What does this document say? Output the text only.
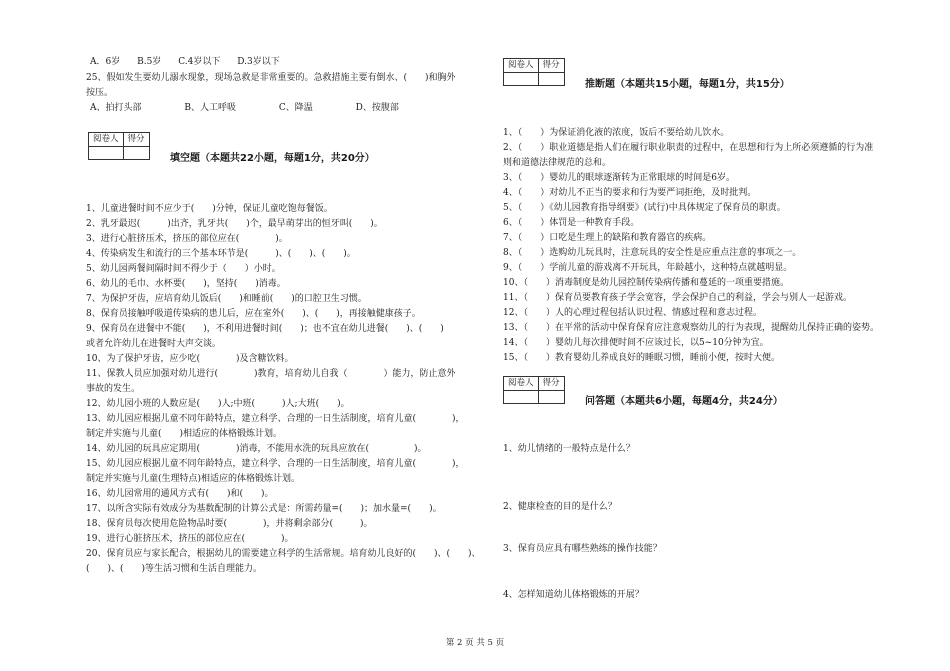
A．6岁 B.5岁 C.4岁以下 D.3岁以下
25、假如发生要幼儿溺水现象，现场急救是非常重要的。急救措施主要有倒水、(　　)和胸外
按压。
A、拍打头部	B、人工呼吸	C、降温	D、按腹部
阅卷人	得分

填空题（本题共22小题，每题1分，共20分）
1、儿童进餐时间不应少于(　　)分钟，保证儿童吃饱每餐饭。
2、乳牙最迟(　　　)出齐，乳牙共(　　)个，最早萌芽出的恒牙叫(　　)。
3、进行心脏挤压术，挤压的部位应在(　　　　)。
4、传染病发生和流行的三个基本环节是(　　　)、(　　)、(　　)。
5、幼儿园两餐间隔时间不得少于（　　）小时。
6、幼儿的毛巾、水杯要(　　)，坚持(　　)消毒。
7、为保护牙齿，应培育幼儿饭后(　　)和睡前(　　)的口腔卫生习惯。
8、保育员接触呼吸道传染病的患儿后，应在室外(　　)、(　　)，再接触健康孩子。
9、保育员在进餐中不能(　　)，不利用进餐时间(　　)；也不宜在幼儿进餐(　　)、(　　)
或者允许幼儿在进餐时大声交谈。
10、为了保护牙齿，应少吃(　　　　)及含糖饮料。
11、保教人员应加强对幼儿进行(　　　　)教育，培育幼儿自我（　　　　）能力，防止意外
事故的发生。
12、幼儿园小班的人数应是(　　)人;中班(　　　)人;大班(　　)。
13、幼儿园应根据儿童不同年龄特点，建立科学、合理的一日生活制度，培育儿童(　　　　)，
制定并实施与儿童(　　)相适应的体格锻炼计划。
14、幼儿园的玩具应定期用(　　　　)消毒，不能用水洗的玩具应放在(　　　　　)。
15、幼儿园应根据儿童不同年龄特点，建立科学、合理的一日生活制度，培育儿童(　　　　)，
制定并实施与儿童(生理特点)相适应的体格锻炼计划。
16、幼儿园常用的通风方式有(　　)和(　　)。
17、以所含实际有效成分为基数配制的计算公式是：所需药量=(　　)；加水量=(　　)。
18、保育员每次使用危险物品时要(　　　　)，并将剩余部分(　　　)。
19、进行心脏挤压术，挤压的部位应在(　　　　)。
20、保育员应与家长配合，根据幼儿的需要建立科学的生活常规。培育幼儿良好的(　　)、(　　)、
(　　)、(　　)等生活习惯和生活自理能力。
阅卷人	得分

推断题（本题共15小题，每题1分，共15分）
1、（　　）为保证消化液的浓度，饭后不要给幼儿饮水。
2、（　　）职业道德是指人们在履行职业职责的过程中，在思想和行为上所必须遵循的行为准
则和道德法律规范的总和。
3、（　　）婴幼儿的眼球逐渐转为正常眼球的时间是6岁。
4、（　　）对幼儿不正当的要求和行为要严词拒绝，及时批判。
5、（　　）《幼儿园教育指导纲要》(试行)中具体规定了保育员的职责。
6、（　　）体罚是一种教育手段。
7、（　　）口吃是生理上的缺陷和教育器官的疾病。
8、（　　）选购幼儿玩具时，注意玩具的安全性是应重点注意的事项之一。
9、（　　）学前儿童的游戏离不开玩具，年龄越小，这种特点就越明显。
10、（　　）消毒制度是幼儿园控制传染病传播和蔓延的一项重要措施。
11、（　　）保育员要教育孩子学会宽容，学会保护自己的利益，学会与别人一起游戏。
12、（　　）人的心理过程包括认识过程、情感过程和意志过程。
13、（　　）在平常的活动中保育保育应注意观察幼儿的行为表现，提醒幼儿保持正确的姿势。
14、（　　）婴幼儿每次排便时间不应该过长，以5~10分钟为宜。
15、（　　）教育婴幼儿养成良好的睡眠习惯，睡前小便，按时大便。
阅卷人	得分

问答题（本题共6小题，每题4分，共24分）
1、幼儿情绪的一般特点是什么？
2、健康检查的目的是什么？
3、保育员应具有哪些熟练的操作技能？
4、怎样知道幼儿体格锻炼的开展？
第 2 页 共 5 页
